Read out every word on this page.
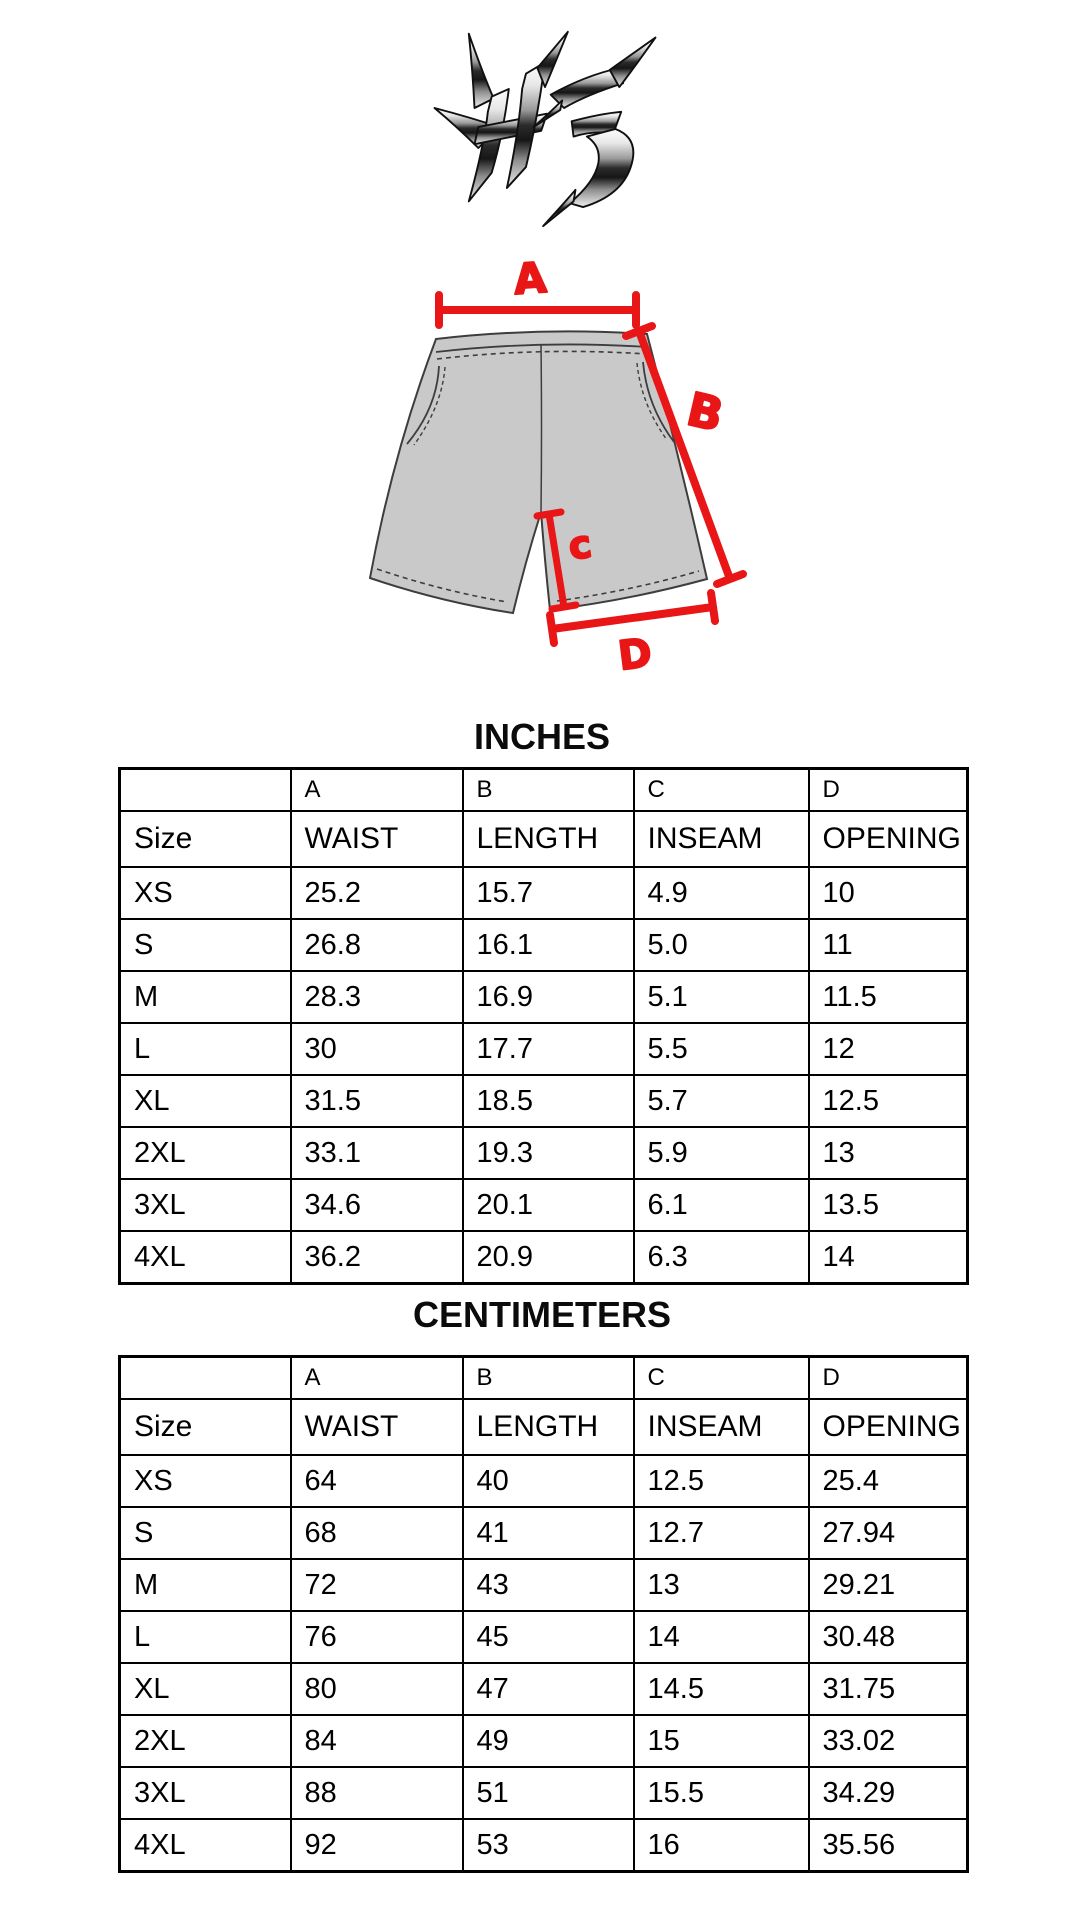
A
B
c
D
INCHES
	A	B	C	D
Size	WAIST	LENGTH	INSEAM	OPENING
XS	25.2	15.7	4.9	10
S	26.8	16.1	5.0	11
M	28.3	16.9	5.1	11.5
L	30	17.7	5.5	12
XL	31.5	18.5	5.7	12.5
2XL	33.1	19.3	5.9	13
3XL	34.6	20.1	6.1	13.5
4XL	36.2	20.9	6.3	14
CENTIMETERS
	A	B	C	D
Size	WAIST	LENGTH	INSEAM	OPENING
XS	64	40	12.5	25.4
S	68	41	12.7	27.94
M	72	43	13	29.21
L	76	45	14	30.48
XL	80	47	14.5	31.75
2XL	84	49	15	33.02
3XL	88	51	15.5	34.29
4XL	92	53	16	35.56
